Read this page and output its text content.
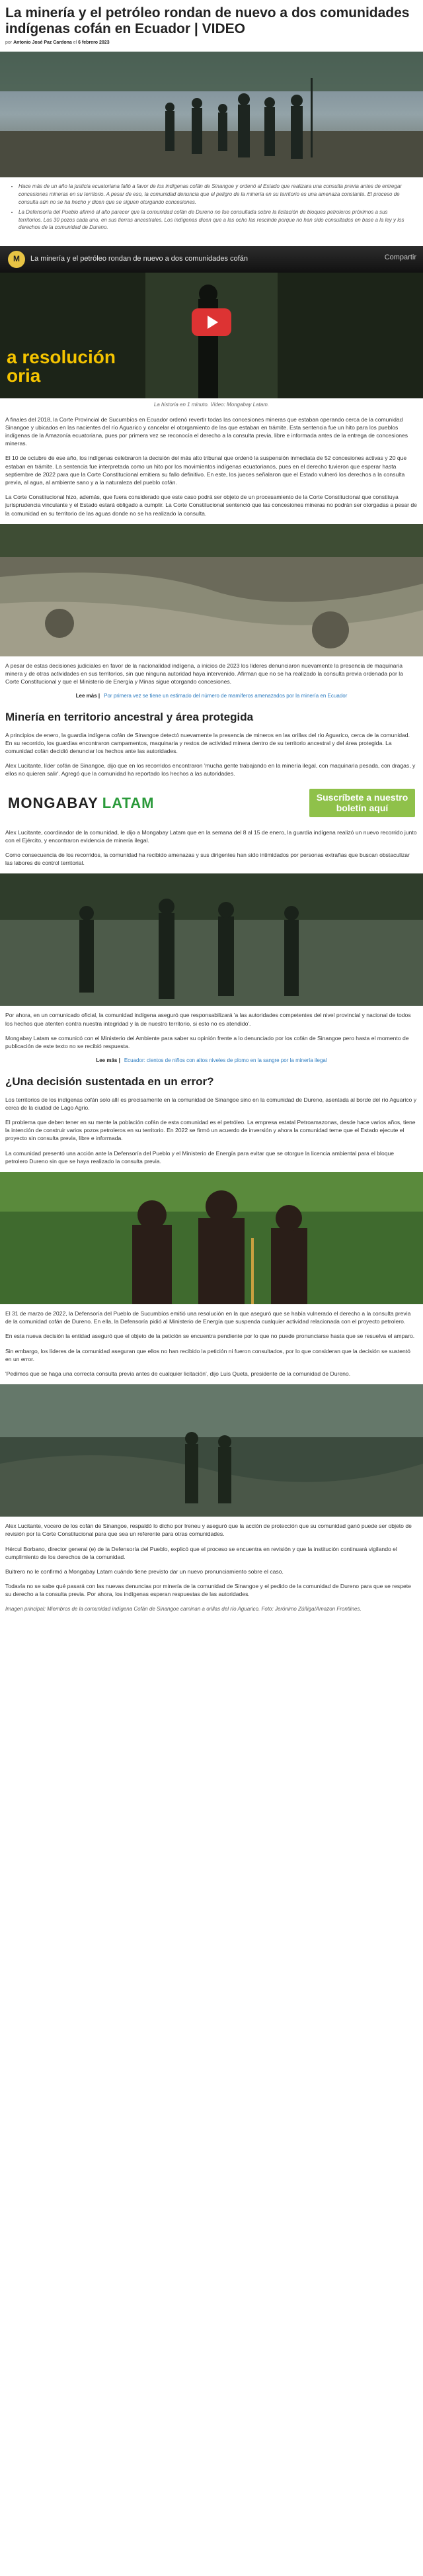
La minería y el petróleo rondan de nuevo a dos comunidades indígenas cofán en Ecuador | VIDEO
por Antonio José Paz Cardona el 6 febrero 2023
• Hace más de un año la justicia ecuatoriana falló a favor de los indígenas cofán de Sinangoe y ordenó al Estado que realizara una consulta previa antes de entregar concesiones mineras en su territorio. A pesar de eso, la comunidad denuncia que el peligro de la minería en su territorio es una amenaza constante. El proceso de consulta aún no se ha hecho y dicen que se siguen otorgando concesiones.
• La Defensoría del Pueblo afirmó al alto parecer que la comunidad cofán de Dureno no fue consultada sobre la licitación de bloques petroleros próximos a sus territorios. Los 30 pozos cada uno, en sus tierras ancestrales. Los indígenas dicen que a las ocho las rescinde porque no han sido consultados en base a la ley y los derechos de la comunidad de Dureno.
M	La minería y el petróleo rondan de nuevo a dos comunidades cofán	Compartir
a resolución
oria
La historia en 1 minuto. Video: Mongabay Latam.

A finales del 2018, la Corte Provincial de Sucumbíos en Ecuador ordenó revertir todas las concesiones mineras que estaban operando cerca de la comunidad Sinangoe y ubicados en las nacientes del río Aguarico y cancelar el otorgamiento de las que estaban en trámite. Esta sentencia fue un hito para los pueblos indígenas de la Amazonía ecuatoriana, pues por primera vez se reconocía el derecho a la consulta previa, libre e informada antes de la entrega de concesiones mineras.

El 10 de octubre de ese año, los indígenas celebraron la decisión del más alto tribunal que ordenó la suspensión inmediata de 52 concesiones activas y 20 que estaban en trámite. La sentencia fue interpretada como un hito por los movimientos indígenas ecuatorianos, pues en el derecho tuvieron que esperar hasta septiembre de 2022 para que la Corte Constitucional emitiera su fallo definitivo. En este, los jueces señalaron que el Estado vulneró los derechos a la consulta previa, al agua, al ambiente sano y a la naturaleza del pueblo cofán.

La Corte Constitucional hizo, además, que fuera considerado que este caso podrá ser objeto de un procesamiento de la Corte Constitucional que constituya jurisprudencia vinculante y el Estado estará obligado a cumplir. La Corte Constitucional sentenció que las concesiones mineras no podrán ser otorgadas a pesar de la comunidad en su territorio de las aguas donde no se ha realizado la consulta.

A pesar de estas decisiones judiciales en favor de la nacionalidad indígena, a inicios de 2023 los líderes denunciaron nuevamente la presencia de maquinaria minera y de otras actividades en sus territorios, sin que ninguna autoridad haya intervenido. Afirman que no se ha realizado la consulta previa ordenada por la Corte Constitucional y que el Ministerio de Energía y Minas sigue otorgando concesiones.

Lee más | Por primera vez se tiene un estimado del número de mamíferos amenazados por la minería en Ecuador
Minería en territorio ancestral y área protegida

A principios de enero, la guardia indígena cofán de Sinangoe detectó nuevamente la presencia de mineros en las orillas del río Aguarico, cerca de la comunidad. En su recorrido, los guardias encontraron campamentos, maquinaria y restos de actividad minera dentro de su territorio ancestral y del área protegida. La comunidad cofán decidió denunciar los hechos ante las autoridades.

Alex Lucitante, líder cofán de Sinangoe, dijo que en los recorridos encontraron 'mucha gente trabajando en la minería ilegal, con maquinaria pesada, con dragas, y ellos no quieren salir'. Agregó que la comunidad ha reportado los hechos a las autoridades.

MONGABAY LATAM	Suscríbete a nuestro boletín aquí

Alex Lucitante, coordinador de la comunidad, le dijo a Mongabay Latam que en la semana del 8 al 15 de enero, la guardia indígena realizó un nuevo recorrido junto con el Ejército, y encontraron evidencia de minería ilegal.

Como consecuencia de los recorridos, la comunidad ha recibido amenazas y sus dirigentes han sido intimidados por personas extrañas que buscan obstaculizar las labores de control territorial.

Por ahora, en un comunicado oficial, la comunidad indígena aseguró que responsabilizará 'a las autoridades competentes del nivel provincial y nacional de todos los hechos que atenten contra nuestra integridad y la de nuestro territorio, si esto no es atendido'.

Mongabay Latam se comunicó con el Ministerio del Ambiente para saber su opinión frente a lo denunciado por los cofán de Sinangoe pero hasta el momento de publicación de este texto no se recibió respuesta.

Lee más | Ecuador: cientos de niños con altos niveles de plomo en la sangre por la minería ilegal
¿Una decisión sustentada en un error?

Los territorios de los indígenas cofán solo allí es precisamente en la comunidad de Sinangoe sino en la comunidad de Dureno, asentada al borde del río Aguarico y cerca de la ciudad de Lago Agrio.

El problema que deben tener en su mente la población cofán de esta comunidad es el petróleo. La empresa estatal Petroamazonas, desde hace varios años, tiene la intención de construir varios pozos petroleros en su territorio. En 2022 se firmó un acuerdo de inversión y ahora la comunidad teme que el Estado ejecute el proyecto sin consulta previa, libre e informada.

La comunidad presentó una acción ante la Defensoría del Pueblo y el Ministerio de Energía para evitar que se otorgue la licencia ambiental para el bloque petrolero Dureno sin que se haya realizado la consulta previa.

El 31 de marzo de 2022, la Defensoría del Pueblo de Sucumbíos emitió una resolución en la que aseguró que se había vulnerado el derecho a la consulta previa de la comunidad cofán de Dureno. En ella, la Defensoría pidió al Ministerio de Energía que suspenda cualquier actividad relacionada con el proyecto petrolero.

En esta nueva decisión la entidad aseguró que el objeto de la petición se encuentra pendiente por lo que no puede pronunciarse hasta que se resuelva el amparo.

Sin embargo, los líderes de la comunidad aseguran que ellos no han recibido la petición ni fueron consultados, por lo que consideran que la decisión se sustentó en un error.

'Pedimos que se haga una correcta consulta previa antes de cualquier licitación', dijo Luis Queta, presidente de la comunidad de Dureno.

Alex Lucitante, vocero de los cofán de Sinangoe, respaldó lo dicho por Ireneu y aseguró que la acción de protección que su comunidad ganó puede ser objeto de revisión por la Corte Constitucional para que sea un referente para otras comunidades.

Hércul Borbano, director general (e) de la Defensoría del Pueblo, explicó que el proceso se encuentra en revisión y que la institución continuará vigilando el cumplimiento de los derechos de la comunidad.

Buitrero no le confirmó a Mongabay Latam cuándo tiene previsto dar un nuevo pronunciamiento sobre el caso.

Todavía no se sabe qué pasará con las nuevas denuncias por minería de la comunidad de Sinangoe y el pedido de la comunidad de Dureno para que se respete su derecho a la consulta previa. Por ahora, los indígenas esperan respuestas de las autoridades.

Imagen principal: Miembros de la comunidad indígena Cofán de Sinangoe caminan a orillas del río Aguarico. Foto: Jerónimo Zúñiga/Amazon Frontlines.
